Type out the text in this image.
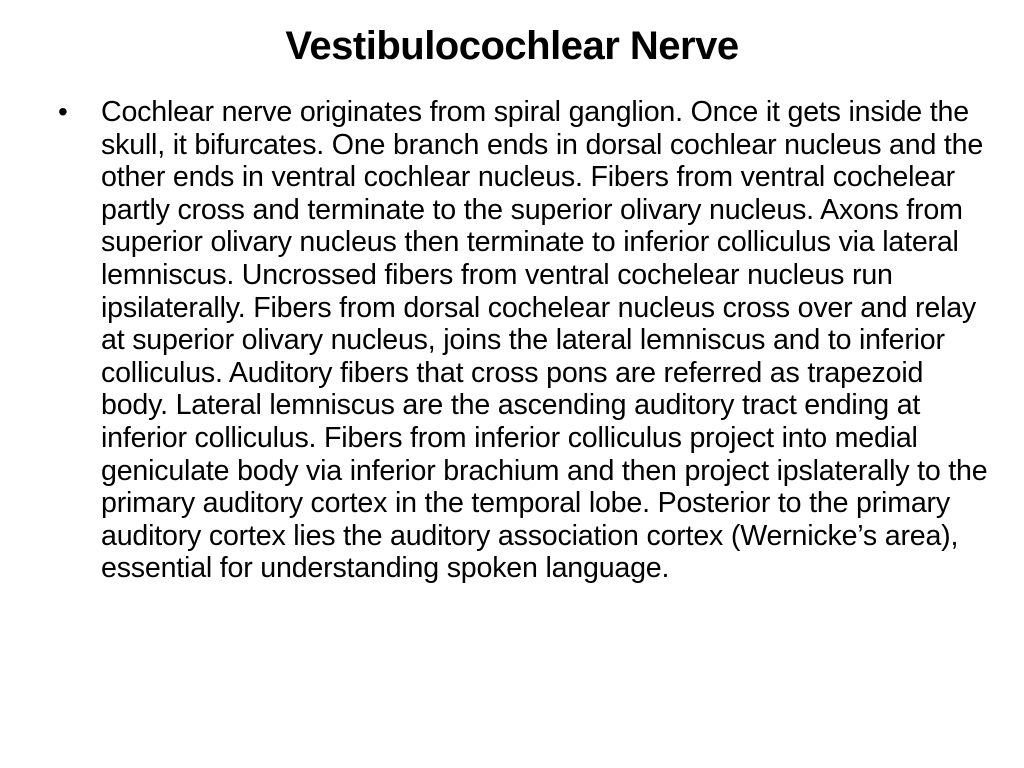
Vestibulocochlear Nerve
• Cochlear nerve originates from spiral ganglion. Once it gets inside the skull, it bifurcates. One branch ends in dorsal cochlear nucleus and the other ends in ventral cochlear nucleus. Fibers from ventral cochelear partly cross and terminate to the superior olivary nucleus. Axons from superior olivary nucleus then terminate to inferior colliculus via lateral lemniscus. Uncrossed fibers from ventral cochelear nucleus run ipsilaterally. Fibers from dorsal cochelear nucleus cross over and relay at superior olivary nucleus, joins the lateral lemniscus and to inferior colliculus. Auditory fibers that cross pons are referred as trapezoid body. Lateral lemniscus are the ascending auditory tract ending at inferior colliculus. Fibers from inferior colliculus project into medial geniculate body via inferior brachium and then project ipslaterally to the primary auditory cortex in the temporal lobe. Posterior to the primary auditory cortex lies the auditory association cortex (Wernicke’s area), essential for understanding spoken language.
